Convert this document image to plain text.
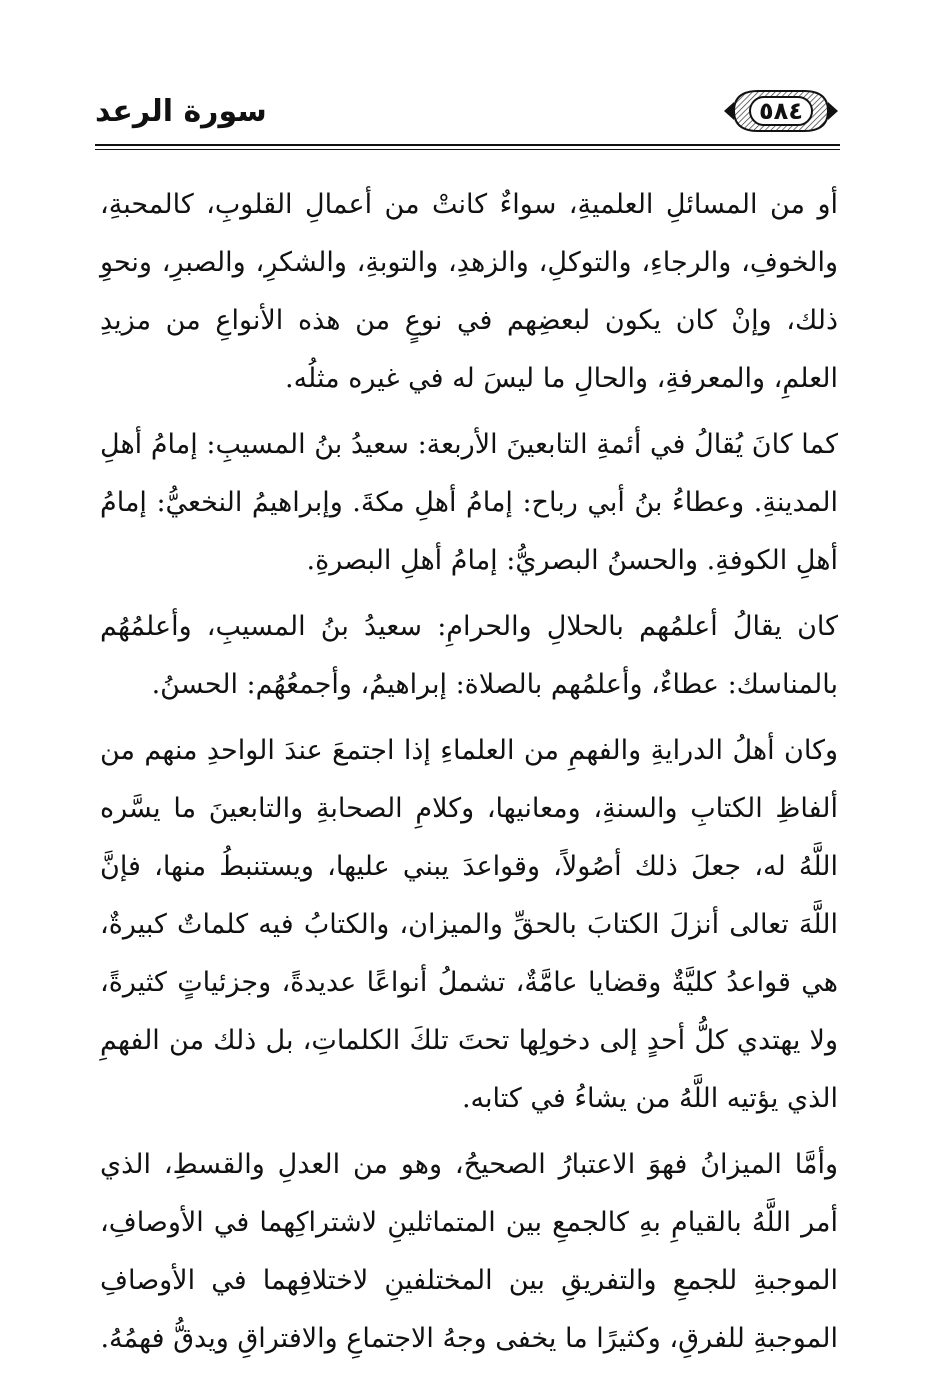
سورة الرعد	٥٨٤

أو من المسائلِ العلميةِ، سواءٌ كانتْ من أعمالِ القلوبِ، كالمحبةِ، والخوفِ، والرجاءِ، والتوكلِ، والزهدِ، والتوبةِ، والشكرِ، والصبرِ، ونحوِ ذلك، وإنْ كان يكون لبعضِهم في نوعٍ من هذه الأنواعِ من مزيدِ العلمِ، والمعرفةِ، والحالِ ما ليسَ له في غيره مثلُه.

كما كانَ يُقالُ في أئمةِ التابعينَ الأربعة: سعيدُ بنُ المسيبِ: إمامُ أهلِ المدينةِ. وعطاءُ بنُ أبي رباح: إمامُ أهلِ مكةَ. وإبراهيمُ النخعيُّ: إمامُ أهلِ الكوفةِ. والحسنُ البصريُّ: إمامُ أهلِ البصرةِ.

كان يقالُ أعلمُهم بالحلالِ والحرامِ: سعيدُ بنُ المسيبِ، وأعلمُهُم بالمناسك: عطاءٌ، وأعلمُهم بالصلاة: إبراهيمُ، وأجمعُهُم: الحسنُ.

وكان أهلُ الدرايةِ والفهمِ من العلماءِ إذا اجتمعَ عندَ الواحدِ منهم من ألفاظِ الكتابِ والسنةِ، ومعانيها، وكلامِ الصحابةِ والتابعينَ ما يسَّره اللَّهُ له، جعلَ ذلك أصُولاً، وقواعدَ يبني عليها، ويستنبطُ منها، فإنَّ اللَّهَ تعالى أنزلَ الكتابَ بالحقِّ والميزان، والكتابُ فيه كلماتٌ كبيرةٌ، هي قواعدُ كليَّةٌ وقضايا عامَّةٌ، تشملُ أنواعًا عديدةً، وجزئياتٍ كثيرةً، ولا يهتدي كلُّ أحدٍ إلى دخولِها تحتَ تلكَ الكلماتِ، بل ذلك من الفهمِ الذي يؤتيه اللَّهُ من يشاءُ في كتابه.

وأمَّا الميزانُ فهوَ الاعتبارُ الصحيحُ، وهو من العدلِ والقسطِ، الذي أمر اللَّهُ بالقيامِ بهِ كالجمعِ بين المتماثلينِ لاشتراكِهما في الأوصافِ، الموجبةِ للجمعِ والتفريقِ بين المختلفينِ لاختلافِهما في الأوصافِ الموجبةِ للفرقِ، وكثيرًا ما يخفى وجهُ الاجتماعِ والافتراقِ ويدقُّ فهمُهُ.
